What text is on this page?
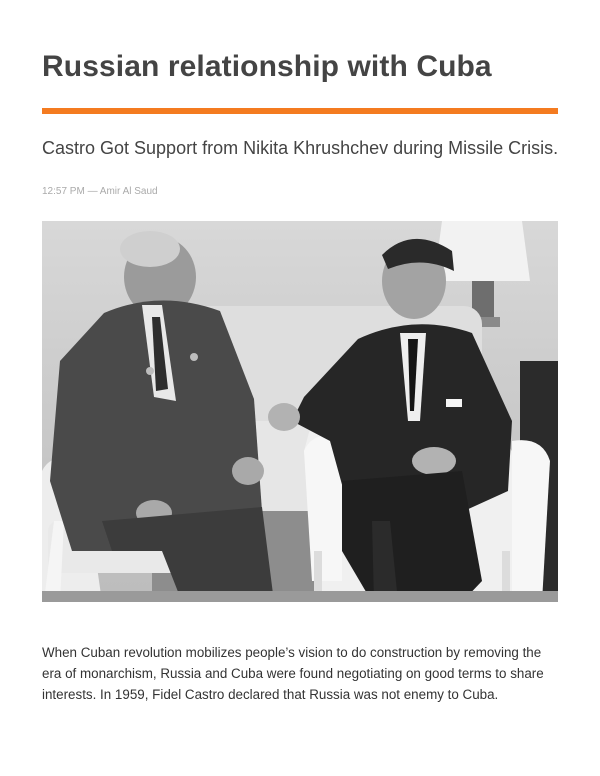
Russian relationship with Cuba
Castro Got Support from Nikita Khrushchev during Missile Crisis.
12:57 PM — Amir Al Saud

When Cuban revolution mobilizes people’s vision to do construction by removing the era of monarchism, Russia and Cuba were found negotiating on good terms to share interests. In 1959, Fidel Castro declared that Russia was not enemy to Cuba.
